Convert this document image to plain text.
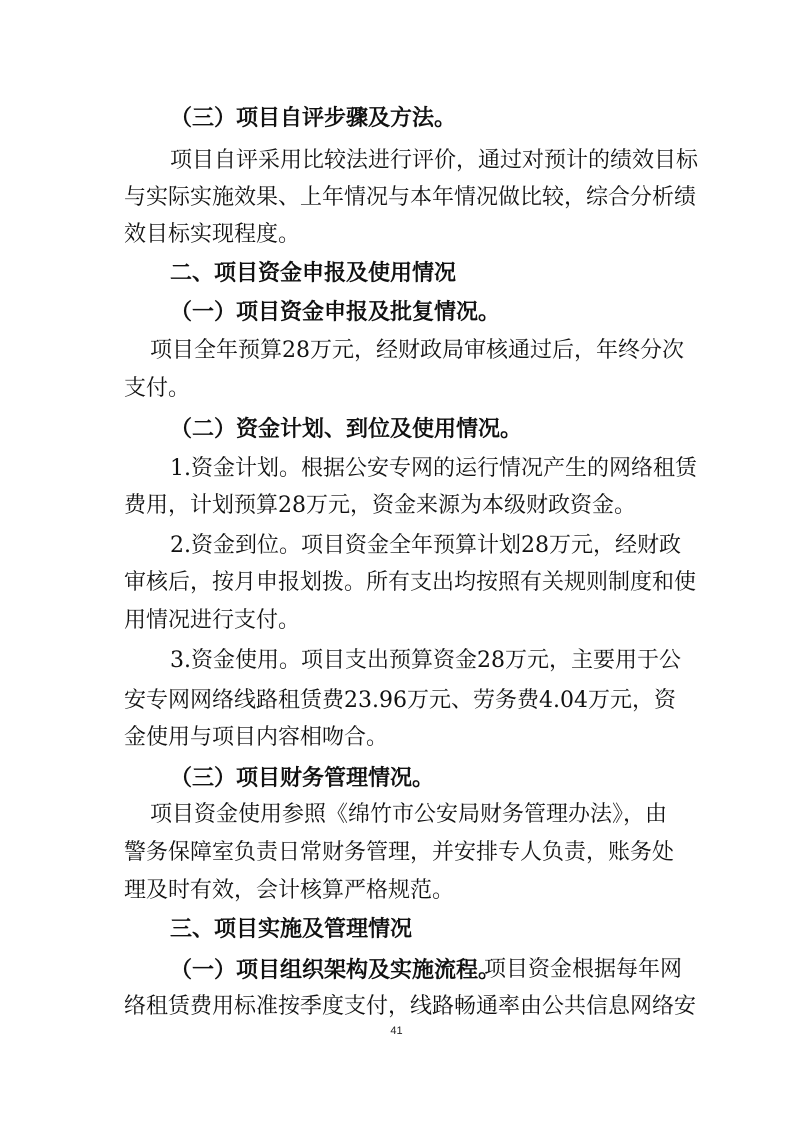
（三）项目自评步骤及方法。
项目自评采用比较法进行评价，通过对预计的绩效目标
与实际实施效果、上年情况与本年情况做比较，综合分析绩
效目标实现程度。
二、项目资金申报及使用情况
（一）项目资金申报及批复情况。
项目全年预算28万元，经财政局审核通过后，年终分次
支付。
（二）资金计划、到位及使用情况。
1.资金计划。根据公安专网的运行情况产生的网络租赁
费用，计划预算28万元，资金来源为本级财政资金。
2.资金到位。项目资金全年预算计划28万元，经财政
审核后，按月申报划拨。所有支出均按照有关规则制度和使
用情况进行支付。
3.资金使用。项目支出预算资金28万元，主要用于公
安专网网络线路租赁费23.96万元、劳务费4.04万元，资
金使用与项目内容相吻合。
（三）项目财务管理情况。
项目资金使用参照《绵竹市公安局财务管理办法》，由
警务保障室负责日常财务管理，并安排专人负责，账务处
理及时有效，会计核算严格规范。
三、项目实施及管理情况
（一）项目组织架构及实施流程。
项目资金根据每年网
络租赁费用标准按季度支付，线路畅通率由公共信息网络安
41
